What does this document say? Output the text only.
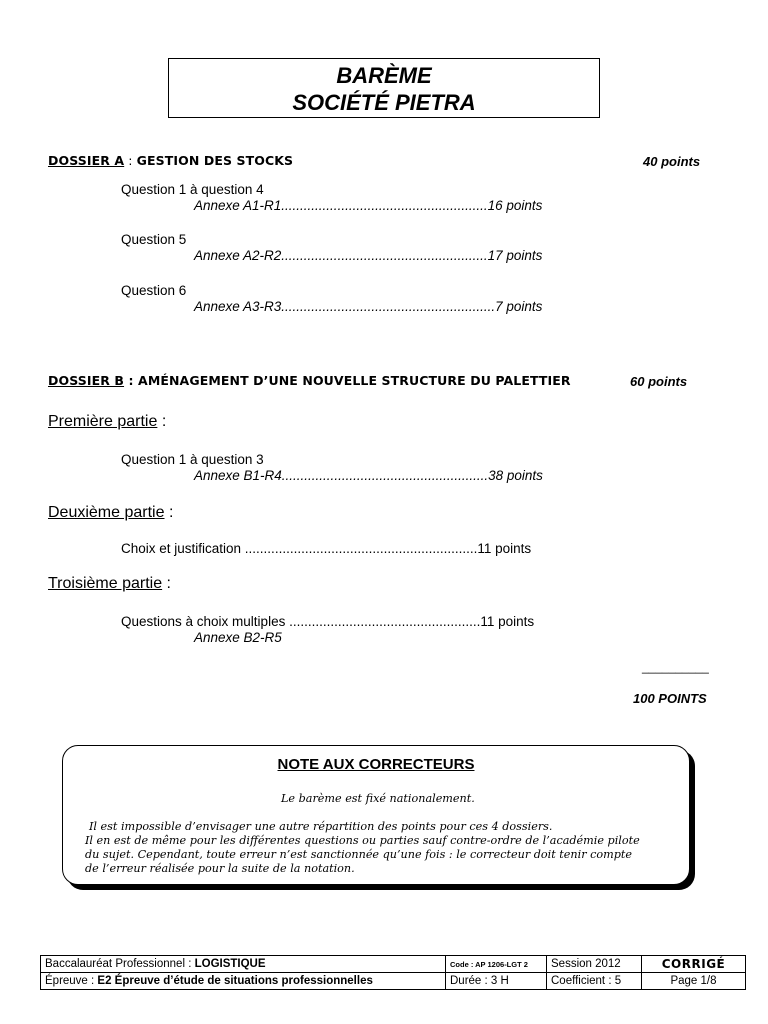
BARÈME
SOCIÉTÉ PIETRA
DOSSIER A : GESTION DES STOCKS	40 points
Question 1 à question 4
Annexe A1-R1.......................................................16 points
Question 5
Annexe A2-R2.......................................................17 points
Question 6
Annexe A3-R3.........................................................7 points
DOSSIER B : AMÉNAGEMENT D’UNE NOUVELLE STRUCTURE DU PALETTIER	60 points
Première partie :
Question 1 à question 3
Annexe B1-R4.......................................................38 points
Deuxième partie :
Choix et justification ..............................................................11 points
Troisième partie :
Questions à choix multiples ...................................................11 points
Annexe B2-R5
__________
100 POINTS
NOTE AUX CORRECTEURS
Le barème est fixé nationalement.
Il est impossible d’envisager une autre répartition des points pour ces 4 dossiers.
Il en est de même pour les différentes questions ou parties sauf contre-ordre de l’académie pilote
du sujet. Cependant, toute erreur n’est sanctionnée qu’une fois : le correcteur doit tenir compte
de l’erreur réalisée pour la suite de la notation.
Baccalauréat Professionnel : LOGISTIQUE	Code : AP 1206-LGT 2	Session 2012	CORRIGÉ
Épreuve : E2 Épreuve d’étude de situations professionnelles	Durée : 3 H	Coefficient : 5	Page 1/8
